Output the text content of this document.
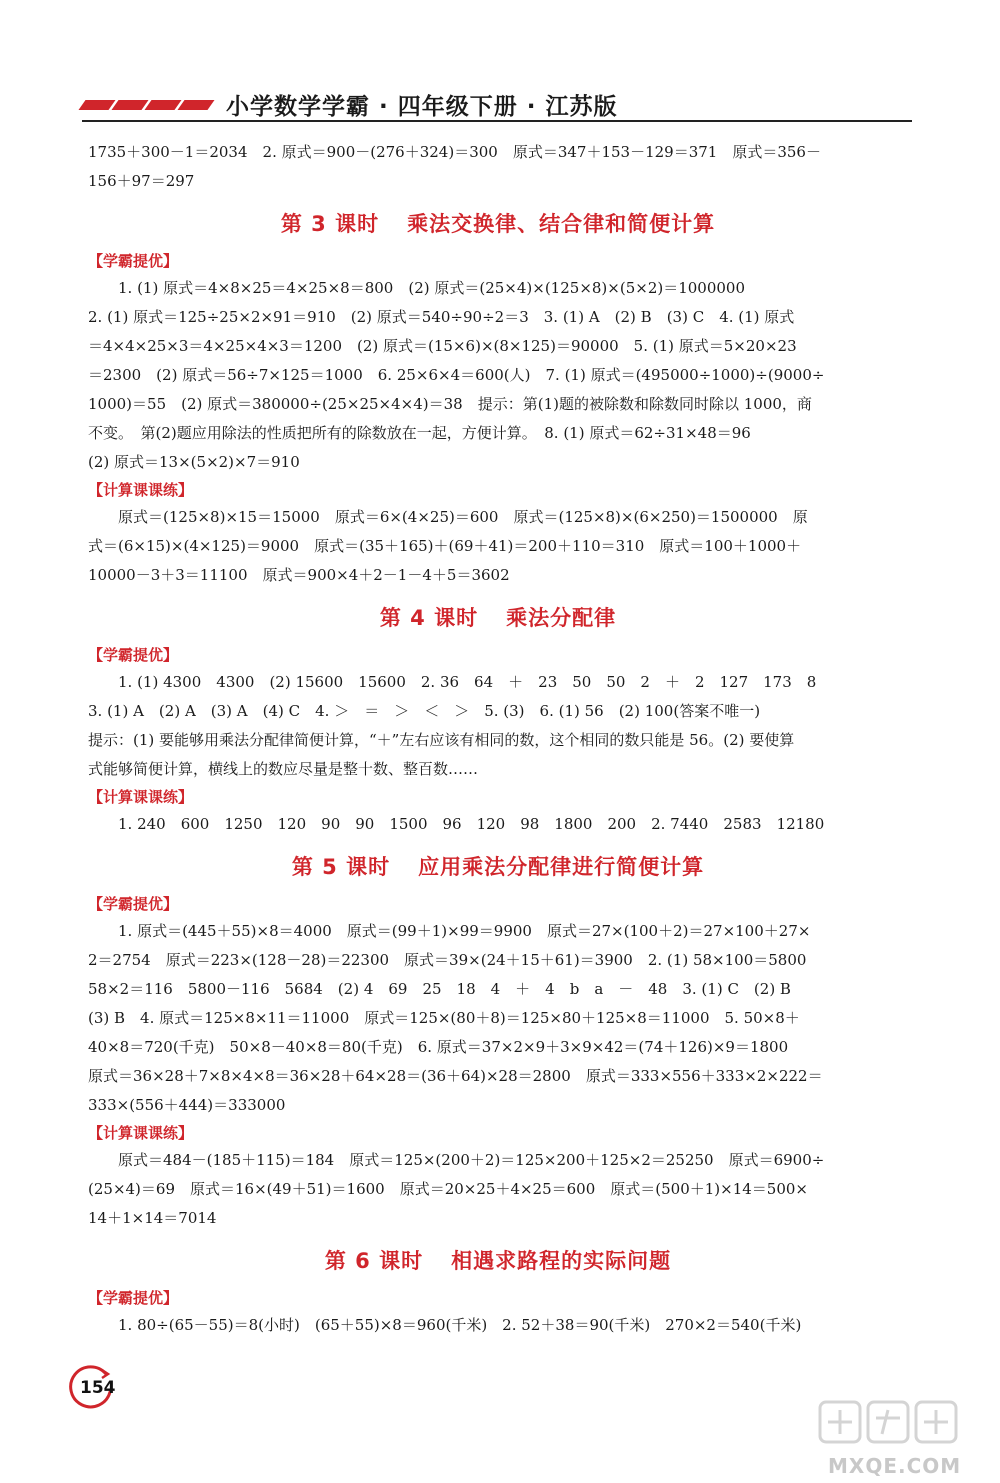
小学数学学霸 · 四年级下册 · 江苏版
1735＋300－1＝2034　2. 原式＝900－(276＋324)＝300　原式＝347＋153－129＝371　原式＝356－
156＋97＝297
第 3 课时 乘法交换律、结合律和简便计算
【学霸提优】
1. (1) 原式＝4×8×25＝4×25×8＝800　(2) 原式＝(25×4)×(125×8)×(5×2)＝1000000
2. (1) 原式＝125÷25×2×91＝910　(2) 原式＝540÷90÷2＝3　3. (1) A　(2) B　(3) C　4. (1) 原式
＝4×4×25×3＝4×25×4×3＝1200　(2) 原式＝(15×6)×(8×125)＝90000　5. (1) 原式＝5×20×23
＝2300　(2) 原式＝56÷7×125＝1000　6. 25×6×4＝600(人)　7. (1) 原式＝(495000÷1000)÷(9000÷
1000)＝55　(2) 原式＝380000÷(25×25×4×4)＝38　提示：第(1)题的被除数和除数同时除以 1000，商
不变。　第(2)题应用除法的性质把所有的除数放在一起，方便计算。　8. (1) 原式＝62÷31×48＝96
(2) 原式＝13×(5×2)×7＝910
【计算课课练】
原式＝(125×8)×15＝15000　原式＝6×(4×25)＝600　原式＝(125×8)×(6×250)＝1500000　原
式＝(6×15)×(4×125)＝9000　原式＝(35＋165)＋(69＋41)＝200＋110＝310　原式＝100＋1000＋
10000－3＋3＝11100　原式＝900×4＋2－1－4＋5＝3602
第 4 课时 乘法分配律
【学霸提优】
1. (1) 4300　4300　(2) 15600　15600　2. 36　64　＋　23　50　50　2　＋　2　127　173　8
3. (1) A　(2) A　(3) A　(4) C　4. ＞　＝　＞　＜　＞　5. (3)　6. (1) 56　(2) 100(答案不唯一)
提示：(1) 要能够用乘法分配律简便计算，“＋”左右应该有相同的数，这个相同的数只能是 56。(2) 要使算
式能够简便计算，横线上的数应尽量是整十数、整百数……
【计算课课练】
1. 240　600　1250　120　90　90　1500　96　120　98　1800　200　2. 7440　2583　12180
第 5 课时 应用乘法分配律进行简便计算
【学霸提优】
1. 原式＝(445＋55)×8＝4000　原式＝(99＋1)×99＝9900　原式＝27×(100＋2)＝27×100＋27×
2＝2754　原式＝223×(128－28)＝22300　原式＝39×(24＋15＋61)＝3900　2. (1) 58×100＝5800
58×2＝116　5800－116　5684　(2) 4　69　25　18　4　＋　4　b　a　－　48　3. (1) C　(2) B
(3) B　4. 原式＝125×8×11＝11000　原式＝125×(80＋8)＝125×80＋125×8＝11000　5. 50×8＋
40×8＝720(千克)　50×8－40×8＝80(千克)　6. 原式＝37×2×9＋3×9×42＝(74＋126)×9＝1800
原式＝36×28＋7×8×4×8＝36×28＋64×28＝(36＋64)×28＝2800　原式＝333×556＋333×2×222＝
333×(556＋444)＝333000
【计算课课练】
原式＝484－(185＋115)＝184　原式＝125×(200＋2)＝125×200＋125×2＝25250　原式＝6900÷
(25×4)＝69　原式＝16×(49＋51)＝1600　原式＝20×25＋4×25＝600　原式＝(500＋1)×14＝500×
14＋1×14＝7014
第 6 课时 相遇求路程的实际问题
【学霸提优】
1. 80÷(65－55)＝8(小时)　(65＋55)×8＝960(千米)　2. 52＋38＝90(千米)　270×2＝540(千米)
154
MXQE.COM
